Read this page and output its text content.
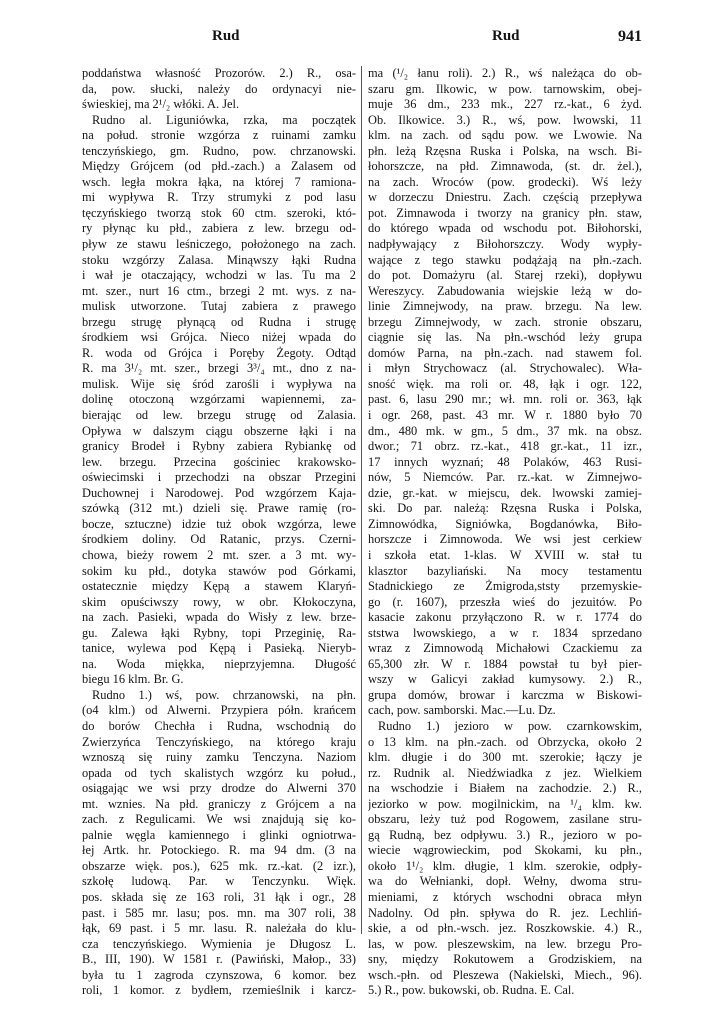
Rud	Rud	941
poddaństwa własność Prozorów. 2.) R., osa-
da, pow. słucki, należy do ordynacyi nie-
świeskiej, ma 2¹/₂ włóki. A. Jel.
Rudno al. Liguniówka, rzka, ma początek
na połud. stronie wzgórza z ruinami zamku
tenczyńskiego, gm. Rudno, pow. chrzanowski.
Między Grójcem (od płd.-zach.) a Zalasem od
wsch. legła mokra łąka, na której 7 ramiona-
mi wypływa R. Trzy strumyki z pod lasu
tęczyńskiego tworzą stok 60 ctm. szeroki, któ-
ry płynąc ku płd., zabiera z lew. brzegu od-
pływ ze stawu leśniczego, położonego na zach.
stoku wzgórzy Zalasa. Minąwszy łąki Rudna
i wał je otaczający, wchodzi w las. Tu ma 2
mt. szer., nurt 16 ctm., brzegi 2 mt. wys. z na-
mulisk utworzone. Tutaj zabiera z prawego
brzegu strugę płynącą od Rudna i strugę
środkiem wsi Grójca. Nieco niżej wpada do
R. woda od Grójca i Poręby Żegoty. Odtąd
R. ma 3¹/₂ mt. szer., brzegi 3³/₄ mt., dno z na-
mulisk. Wije się śród zarośli i wypływa na
dolinę otoczoną wzgórzami wapiennemi, za-
bierając od lew. brzegu strugę od Zalasia.
Opływa w dalszym ciągu obszerne łąki i na
granicy Brodeł i Rybny zabiera Rybiankę od
lew. brzegu. Przecina gościniec krakowsko-
oświecimski i przechodzi na obszar Przegini
Duchownej i Narodowej. Pod wzgórzem Kaja-
szówką (312 mt.) dzieli się. Prawe ramię (ro-
bocze, sztuczne) idzie tuż obok wzgórza, lewe
środkiem doliny. Od Ratanic, przys. Czerni-
chowa, bieży rowem 2 mt. szer. a 3 mt. wy-
sokim ku płd., dotyka stawów pod Górkami,
ostatecznie między Kępą a stawem Klaryń-
skim opuściwszy rowy, w obr. Kłokoczyna,
na zach. Pasieki, wpada do Wisły z lew. brze-
gu. Zalewa łąki Rybny, topi Przeginię, Ra-
tanice, wylewa pod Kępą i Pasieką. Nieryb-
na. Woda miękka, nieprzyjemna. Długość
biegu 16 klm. Br. G.
Rudno 1.) wś, pow. chrzanowski, na płn.
(o4 klm.) od Alwerni. Przypiera półn. krańcem
do borów Chechła i Rudna, wschodnią do
Zwierzyńca Tenczyńskiego, na którego kraju
wznoszą się ruiny zamku Tenczyna. Naziom
opada od tych skalistych wzgórz ku połud.,
osiągając we wsi przy drodze do Alwerni 370
mt. wznies. Na płd. graniczy z Grójcem a na
zach. z Regulicami. We wsi znajdują się ko-
palnie węgla kamiennego i glinki ogniotrwa-
łej Artk. hr. Potockiego. R. ma 94 dm. (3 na
obszarze więk. pos.), 625 mk. rz.-kat. (2 izr.),
szkołę ludową. Par. w Tenczynku. Więk.
pos. składa się ze 163 roli, 31 łąk i ogr., 28
past. i 585 mr. lasu; pos. mn. ma 307 roli, 38
łąk, 69 past. i 5 mr. lasu. R. należała do klu-
cza tenczyńskiego. Wymienia je Długosz L.
B., III, 190). W 1581 r. (Pawiński, Małop., 33)
była tu 1 zagroda czynszowa, 6 komor. bez
roli, 1 komor. z bydłem, rzemieślnik i karcz-
ma (¹/₂ łanu roli). 2.) R., wś należąca do ob-
szaru gm. Ilkowic, w pow. tarnowskim, obej-
muje 36 dm., 233 mk., 227 rz.-kat., 6 żyd.
Ob. Ilkowice. 3.) R., wś, pow. lwowski, 11
klm. na zach. od sądu pow. we Lwowie. Na
płn. leżą Rzęsna Ruska i Polska, na wsch. Bi-
łohorszcze, na płd. Zimnawoda, (st. dr. żel.),
na zach. Wroców (pow. grodecki). Wś leży
w dorzeczu Dniestru. Zach. częścią przepływa
pot. Zimnawoda i tworzy na granicy płn. staw,
do którego wpada od wschodu pot. Biłohorski,
nadpływający z Biłohorszczy. Wody wypły-
wające z tego stawku podążają na płn.-zach.
do pot. Domażyru (al. Starej rzeki), dopływu
Wereszycy. Zabudowania wiejskie leżą w do-
linie Zimnejwody, na praw. brzegu. Na lew.
brzegu Zimnejwody, w zach. stronie obszaru,
ciągnie się las. Na płn.-wschód leży grupa
domów Parna, na płn.-zach. nad stawem fol.
i młyn Strychowacz (al. Strychowalec). Wła-
sność więk. ma roli or. 48, łąk i ogr. 122,
past. 6, lasu 290 mr.; wł. mn. roli or. 363, łąk
i ogr. 268, past. 43 mr. W r. 1880 było 70
dm., 480 mk. w gm., 5 dm., 37 mk. na obsz.
dwor.; 71 obrz. rz.-kat., 418 gr.-kat., 11 izr.,
17 innych wyznań; 48 Polaków, 463 Rusi-
nów, 5 Niemców. Par. rz.-kat. w Zimnejwo-
dzie, gr.-kat. w miejscu, dek. lwowski zamiej-
ski. Do par. należą: Rzęsna Ruska i Polska,
Zimnowódka, Signiówka, Bogdanówka, Biło-
horszcze i Zimnowoda. We wsi jest cerkiew
i szkoła etat. 1-klas. W XVIII w. stał tu
klasztor bazyliański. Na mocy testamentu
Stadnickiego ze Żmigroda,ststy przemyskie-
go (r. 1607), przeszła wieś do jezuitów. Po
kasacie zakonu przyłączono R. w r. 1774 do
ststwa lwowskiego, a w r. 1834 sprzedano
wraz z Zimnowodą Michałowi Czackiemu za
65,300 złr. W r. 1884 powstał tu był pier-
wszy w Galicyi zakład kumysowy. 2.) R.,
grupa domów, browar i karczma w Biskowi-
cach, pow. samborski. Mac.—Lu. Dz.
Rudno 1.) jezioro w pow. czarnkowskim,
o 13 klm. na płn.-zach. od Obrzycka, około 2
klm. długie i do 300 mt. szerokie; łączy je
rz. Rudnik al. Niedźwiadka z jez. Wielkiem
na wschodzie i Białem na zachodzie. 2.) R.,
jeziorko w pow. mogilnickim, na ¹/₄ klm. kw.
obszaru, leży tuż pod Rogowem, zasilane stru-
gą Rudną, bez odpływu. 3.) R., jezioro w po-
wiecie wągrowieckim, pod Skokami, ku płn.,
około 1¹/₂ klm. długie, 1 klm. szerokie, odpły-
wa do Wełnianki, dopł. Wełny, dwoma stru-
mieniami, z których wschodni obraca młyn
Nadolny. Od płn. spływa do R. jez. Lechliń-
skie, a od płn.-wsch. jez. Roszkowskie. 4.) R.,
las, w pow. pleszewskim, na lew. brzegu Pro-
sny, między Rokutowem a Grodziskiem, na
wsch.-płn. od Pleszewa (Nakielski, Miech., 96).
5.) R., pow. bukowski, ob. Rudna. E. Cal.
